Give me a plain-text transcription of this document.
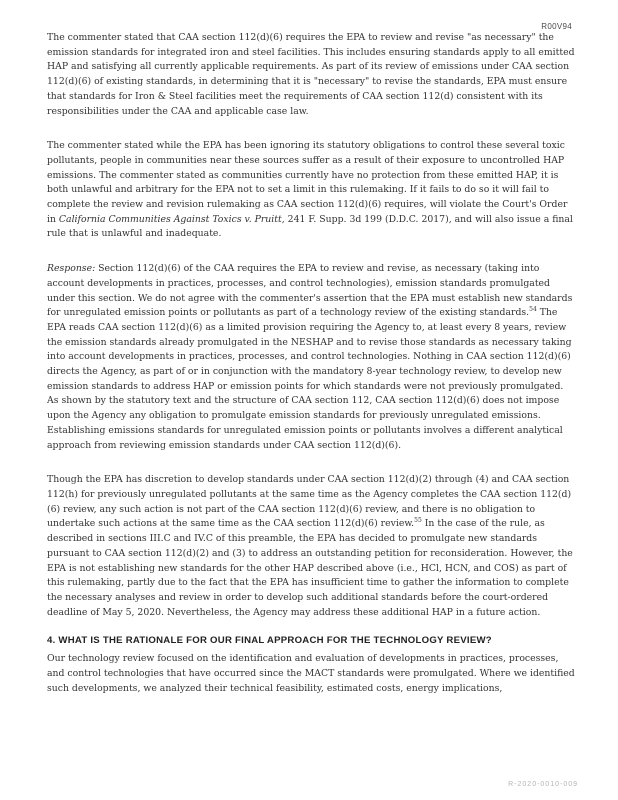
R00V94

The commenter stated that CAA section 112(d)(6) requires the EPA to review and revise "as necessary" the emission standards for integrated iron and steel facilities. This includes ensuring standards apply to all emitted HAP and satisfying all currently applicable requirements. As part of its review of emissions under CAA section 112(d)(6) of existing standards, in determining that it is "necessary" to revise the standards, EPA must ensure that standards for Iron & Steel facilities meet the requirements of CAA section 112(d) consistent with its responsibilities under the CAA and applicable case law.

The commenter stated while the EPA has been ignoring its statutory obligations to control these several toxic pollutants, people in communities near these sources suffer as a result of their exposure to uncontrolled HAP emissions. The commenter stated as communities currently have no protection from these emitted HAP, it is both unlawful and arbitrary for the EPA not to set a limit in this rulemaking. If it fails to do so it will fail to complete the review and revision rulemaking as CAA section 112(d)(6) requires, will violate the Court's Order in California Communities Against Toxics v. Pruitt, 241 F. Supp. 3d 199 (D.D.C. 2017), and will also issue a final rule that is unlawful and inadequate.

Response: Section 112(d)(6) of the CAA requires the EPA to review and revise, as necessary (taking into account developments in practices, processes, and control technologies), emission standards promulgated under this section. We do not agree with the commenter's assertion that the EPA must establish new standards for unregulated emission points or pollutants as part of a technology review of the existing standards.$^{54}$ The EPA reads CAA section 112(d)(6) as a limited provision requiring the Agency to, at least every 8 years, review the emission standards already promulgated in the NESHAP and to revise those standards as necessary taking into account developments in practices, processes, and control technologies. Nothing in CAA section 112(d)(6) directs the Agency, as part of or in conjunction with the mandatory 8-year technology review, to develop new emission standards to address HAP or emission points for which standards were not previously promulgated. As shown by the statutory text and the structure of CAA section 112, CAA section 112(d)(6) does not impose upon the Agency any obligation to promulgate emission standards for previously unregulated emissions. Establishing emissions standards for unregulated emission points or pollutants involves a different analytical approach from reviewing emission standards under CAA section 112(d)(6).

Though the EPA has discretion to develop standards under CAA section 112(d)(2) through (4) and CAA section 112(h) for previously unregulated pollutants at the same time as the Agency completes the CAA section 112(d)(6) review, any such action is not part of the CAA section 112(d)(6) review, and there is no obligation to undertake such actions at the same time as the CAA section 112(d)(6) review.$^{55}$ In the case of the rule, as described in sections III.C and IV.C of this preamble, the EPA has decided to promulgate new standards pursuant to CAA section 112(d)(2) and (3) to address an outstanding petition for reconsideration. However, the EPA is not establishing new standards for the other HAP described above (i.e., HCl, HCN, and COS) as part of this rulemaking, partly due to the fact that the EPA has insufficient time to gather the information to complete the necessary analyses and review in order to develop such additional standards before the court-ordered deadline of May 5, 2020. Nevertheless, the Agency may address these additional HAP in a future action.

4. WHAT IS THE RATIONALE FOR OUR FINAL APPROACH FOR THE TECHNOLOGY REVIEW?

Our technology review focused on the identification and evaluation of developments in practices, processes, and control technologies that have occurred since the MACT standards were promulgated. Where we identified such developments, we analyzed their technical feasibility, estimated costs, energy implications,

R-2020-0010-009
